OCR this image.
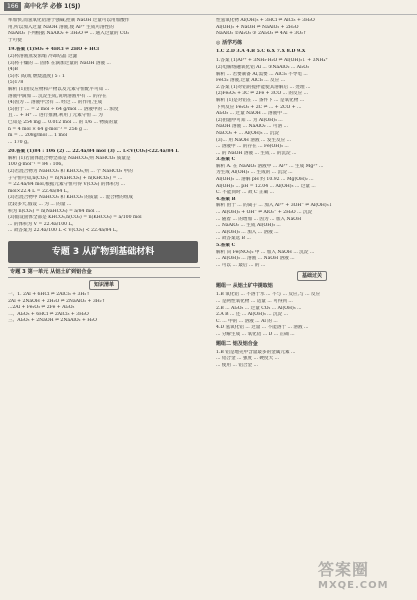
166 高中化学 必修 1(SJ)
率加快,而氢氧化铝溶于强碱,控制 NaOH 过量可以用加酸作
用,所以加入过量 NaOH 溶液,使 Al³⁺ 生成可溶性的
NaAlO₂ 下列根据 NaAlO₂ + 3H₂O ⇌ ... 通入过量的 CO₂
于可使
19.答案 (1)SO₂ + 4HCl ⇌ 2HO + HCl
(2)将溶液蒸发浓缩 冷却结晶 过滤
(3)将干燥的 ... 固体 在滴加过量的 NaOH 溶液 ...
(4)B
(5)水 高(或 燃烧温度) 5 : 1
(5)178
解析 (1)由反应物和产物以及元素守恒配平可知 ...
溶液中滴加 ... 沉淀生成,说明溶液中有 ... 的存在
(4)因为 ... 溶液中含有 ... 经过 ... 的作用,生成
(5)由于 ... = 2 mol ÷ 64 g/mol ... 溶液中的 ... 浓度
且 ... + H⁺ ... 进行推测,利用了元素守恒 ... 为
已知是 254 mg ... 0.012 mol ... 的 1/6 ... 物质的量
n = 4 mol × 64 g·mol⁻¹ = 256 g ...
m = ... 208g/mol ... 1 mol
... 170 g。
20.答案 (1)84 : 106 (2) ... 22.4a/84 mol (3) ... L<V(CO₂)<22.4a/84 L
解析 (1)若固体混合物全部是 NaHCO₃,则 NaHCO₃ 质量是
100 g·mol⁻¹ = 84 : 106。
(2)若混合物为 NaHCO₃ 和 KHCO₃,则 ... 个 NaHCO₃ 中的
子守恒可知,n(CO₂) = n(NaHCO₃) + n(KHCO₃) = ...
= 22.4a/84 mol,根据元素守恒可得 V(CO₂) 的体积为 ...
mol×22.4 L = 22.4a/84 L。
(3)若混合物中 NaHCO₃ 和 KHCO₃ 的质量 ... 混合物的组成
比较多大,假设 ... 为 ... 的量 ...
积为 n(CO₂) = n(NaHCO₃) = a/84 mol ...
(3)假设固体全部是 KHCO₃,n(CO₂) = n(KHCO₃) = a/100 mol
... 的体积为 V = 22.4a/100 L。
... 故答案为 22.4a/100 L < V(CO₂) < 22.4a/84 L。
专题 3 从矿物到基础材料
专题 3 第一单元 从铝土矿到铝合金
知识清单
一、1. 2Al + 6HCl ⇌ 2AlCl₃ + 3H₂↑
2Al + 2NaOH + 2H₂O ⇌ 2NaAlO₂ + 3H₂↑
...2Al + Fe₂O₃ ⇌ 2Fe + Al₂O₃
二、Al₂O₃ + 6HCl ⇌ 2AlCl₃ + 3H₂O
三、Al₂O₃ + 2NaOH ⇌ 2NaAlO₂ + H₂O
性氢氧化物 Al(OH)₃ + 3HCl ⇌ AlCl₃ + 3H₂O
Al(OH)₃ + NaOH ⇌ NaAlO₂ + 2H₂O
NaAlO₂ ②Al₂O₃ ③ 2Al₂O₃ ⇌ 4Al + 3O₂↑
◎ 活学巧练
1.C 2.D 3.A 4.B 5.C 6.X 7.X 8.D 9.X
1.答案 (1)Al³⁺ + 3NH₃·H₂O ⇌ Al(OH)₃↓ + 3NH₄⁺
(2)电解熔融氧化铝 Al ... ③NaAlO₂ ... Al₂O₃
解析 ... 若要制备 Al,需要 ... AlCl₃ 不导电 ...
FeCl₂ 溶液,过量 AlCl₃ ... 反应 ...
2.答案 (1)对铝的搅拌能使其溶解后 ... 处理 ...
(2)Fe₂O₃ + 3C ⇌ 2Fe + 3CO ... 的反应 ...
解析 (1)是对铝在 ... 条件下 ... 是氧化物 ...
下列反应 Fe₂O₃ + 2C ⇌ ... + 2CO + ...
Al₂O₃ ... 过量 NaOH ... 溶液中 ...
(2)由题中可知 ... 为 Al(OH)₃ ...
NaOH 溶液 ... NaAlO₂ ... 可溶 ...
NaCO₃ + ... Al(OH)₃ ... 沉淀
(3)... 用 NaOH 溶液 ... 发生反应 ...
... 溶液中 ... 的存在 ... Fe(OH)₃ ...
... 的 NaOH 溶液 ... 生成 ... 的沉淀 ...
3.答案 C
解析 A. 在 NaAlO₂ 溶液中 ... Al³⁺ ... 生成 Mg²⁺ ...
为生成 Al(OH)₃ ... 生成的 ... 沉淀 ...
Al(OH)₃ ... 溶解 pH 约 10.92 ... Mg(OH)₂ ...
Al(OH)₃ ... pH = 12.04 ... Al(OH)₃ ... 过量 ...
C. 不能同时 ... 故 C 正确 ...
4.答案 B
解析 由于 ... 的离子 ... 加入 Al³⁺ + 3OH⁻ ⇌ Al(OH)₃↓
... Al(OH)₃ + OH⁻ ⇌ AlO₂⁻ + 2H₂O ... 沉淀
... 随着 ... 的增加 ... 因为 ... 加入 NaOH
... NaAlO₂ ... 生成 Al(OH)₃ ...
... Al(OH)₃ ... 加入 ... 溶液 ...
... 故答案选 B ...
5.答案 C
解析 向 Fe(NO₃)₂ 中 ... 加入 NaOH ... 沉淀 ...
... Al(OH)₃ ... 溶液 ... NaOH 溶液 ...
... 可以 ... 最后 ... 的 ...
基础过关
题组一 从铝土矿中提取铝
1.B 氧化铝 ... 不溶于水 ... 不与 ... 反应,与 ... 反应
... 是两性氧化物 ... 适量 ... 可得到 ...
2.B ... Al₂O₃ ... 过量 CO₂ ... Al(OH)₃ ...
2.A B ... 还 ... Al(OH)₃ ... 沉淀 ...
C. ... 中的 ... 溶液 ... Al 的 ...
4.D 氢氧化铝 ... 过量 ... 不能溶于 ... 溶液 ...
... 分解生成 ... 氧化铝 ... D ... 正确 ...
题组二 铝及铝合金
1.B 铝是地壳中含量最多的金属元素 ...
... 铝合金 ... 强度 ... 硬度大 ...
... 使用 ... 铝合金 ...
答案圈
MXQE.COM
